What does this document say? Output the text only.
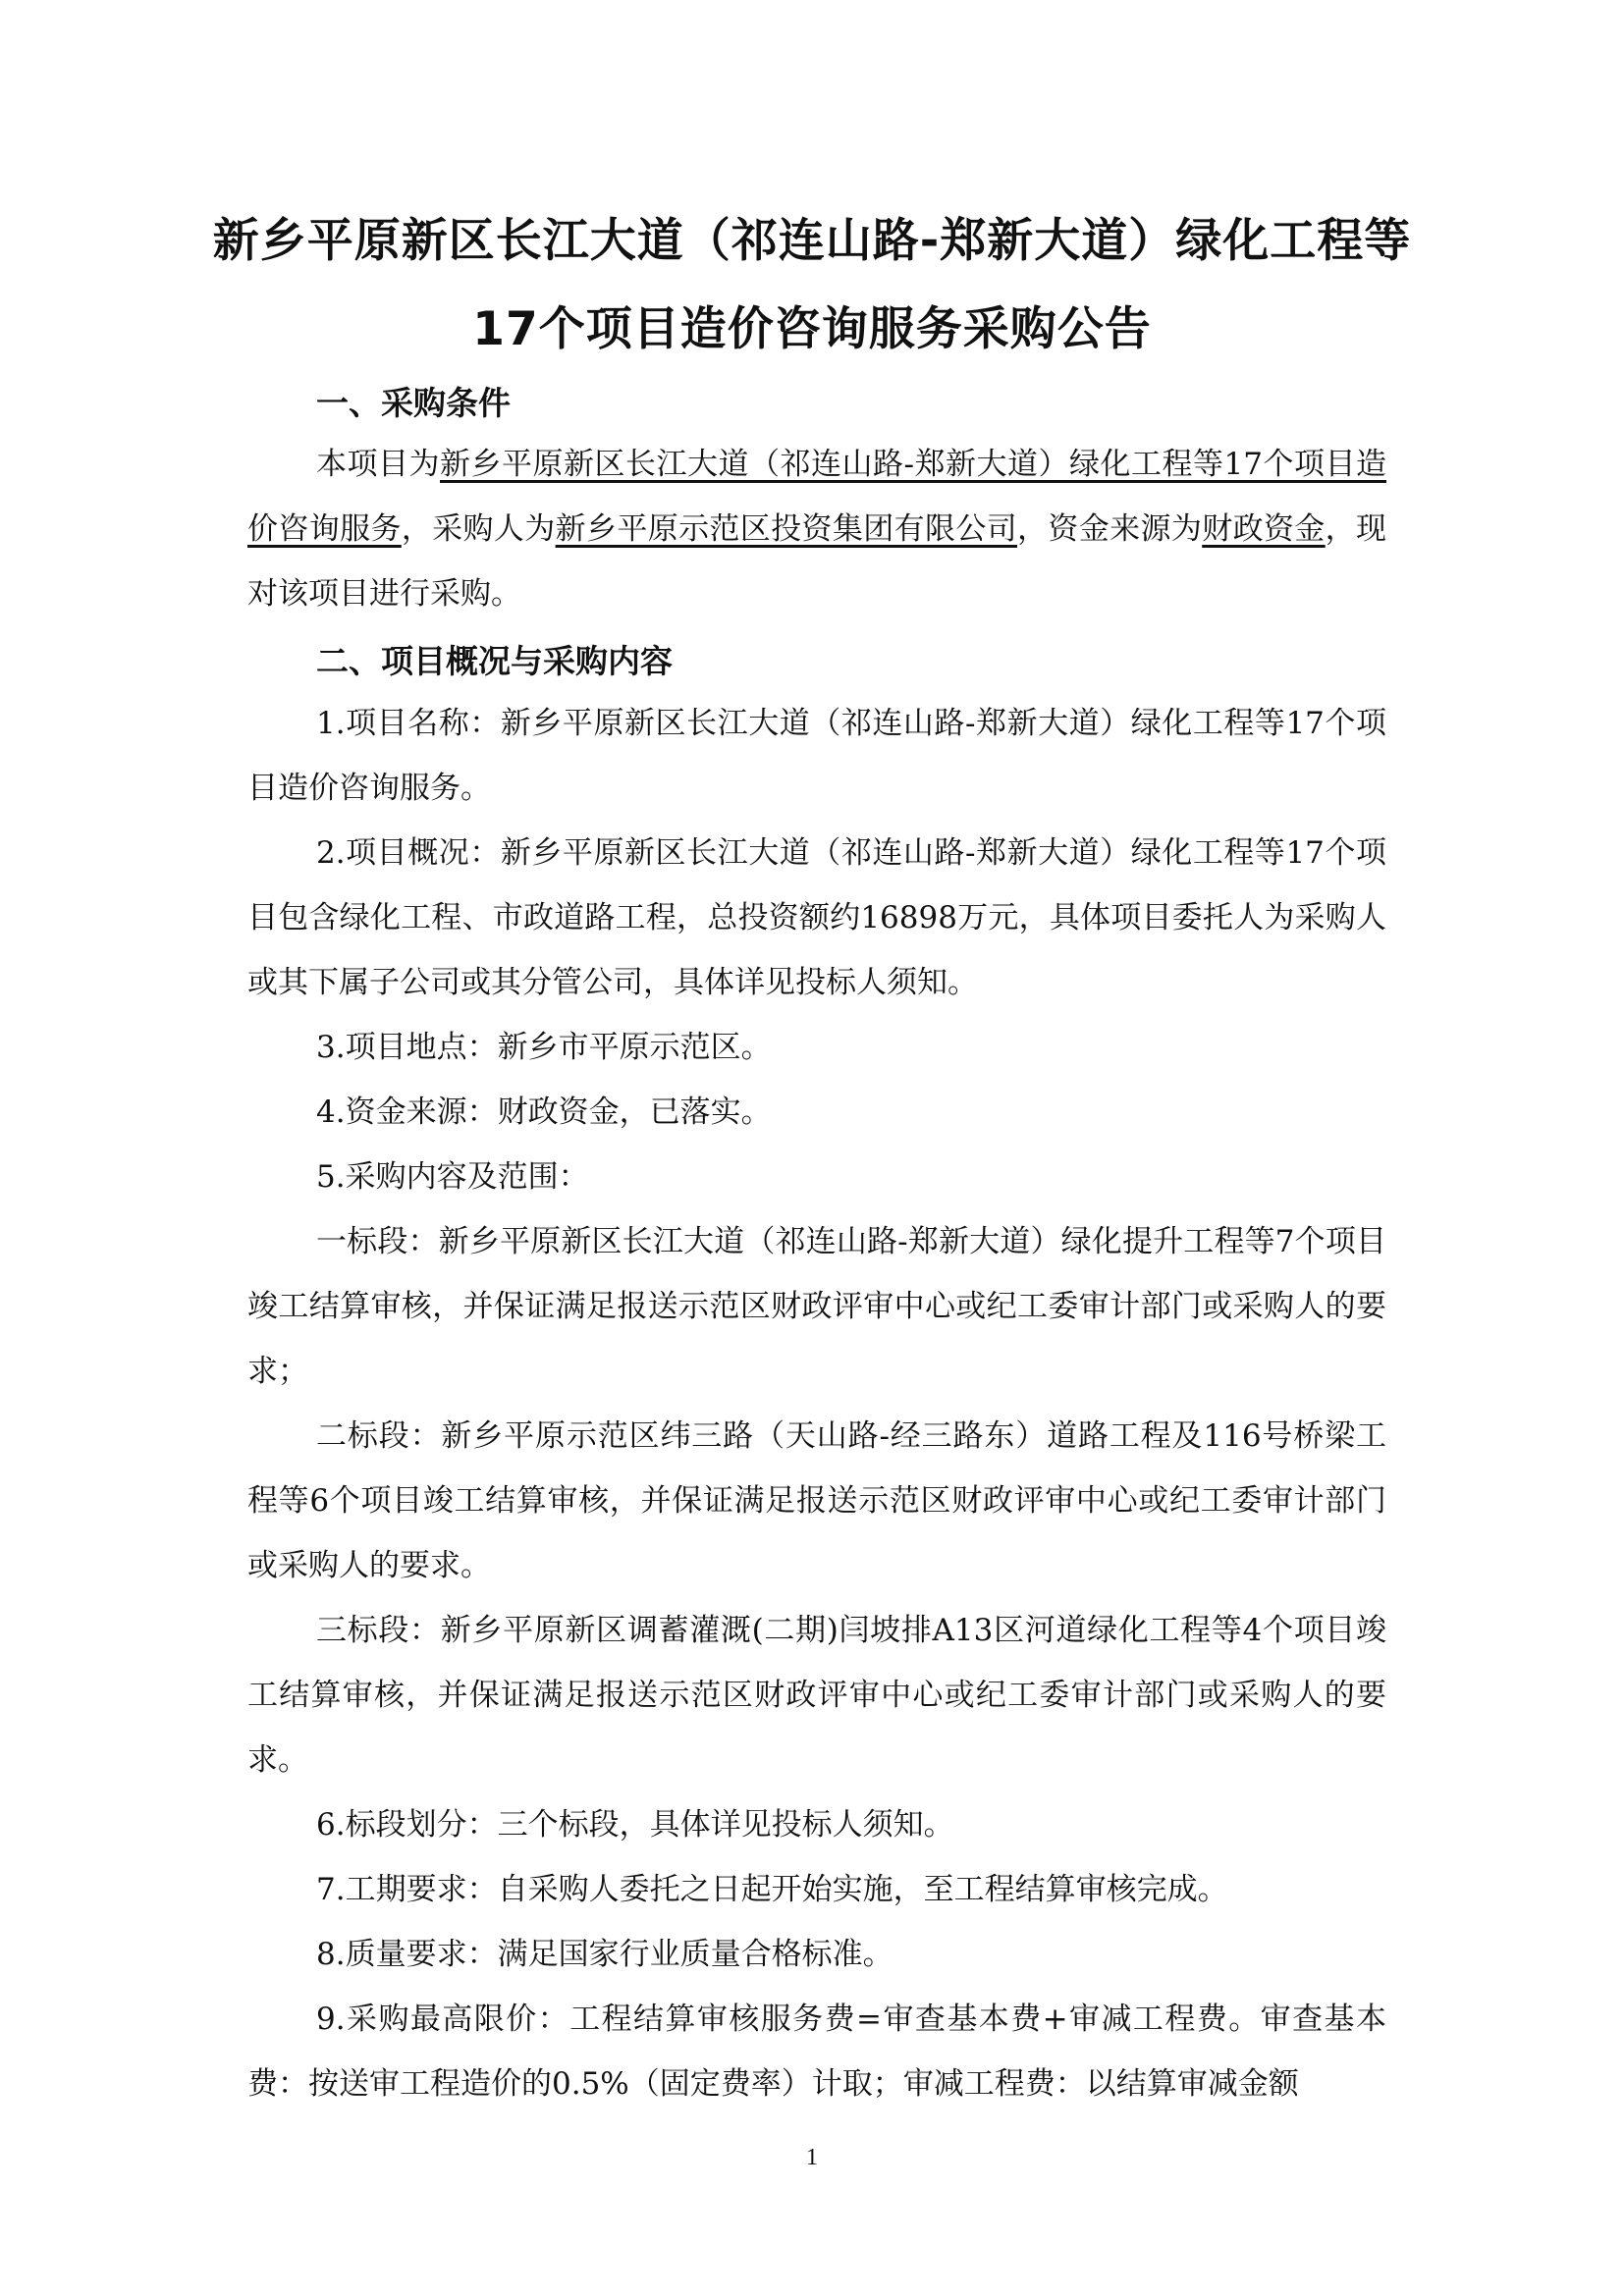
新乡平原新区长江大道（祁连山路-郑新大道）绿化工程等
17个项目造价咨询服务采购公告
一、采购条件

本项目为新乡平原新区长江大道（祁连山路-郑新大道）绿化工程等17个项目造价咨询服务，采购人为新乡平原示范区投资集团有限公司，资金来源为财政资金，现对该项目进行采购。

二、项目概况与采购内容

1.项目名称：新乡平原新区长江大道（祁连山路-郑新大道）绿化工程等17个项目造价咨询服务。

2.项目概况：新乡平原新区长江大道（祁连山路-郑新大道）绿化工程等17个项目包含绿化工程、市政道路工程，总投资额约16898万元，具体项目委托人为采购人或其下属子公司或其分管公司，具体详见投标人须知。

3.项目地点：新乡市平原示范区。

4.资金来源：财政资金，已落实。

5.采购内容及范围：

一标段：新乡平原新区长江大道（祁连山路-郑新大道）绿化提升工程等7个项目竣工结算审核，并保证满足报送示范区财政评审中心或纪工委审计部门或采购人的要求；

二标段：新乡平原示范区纬三路（天山路-经三路东）道路工程及116号桥梁工程等6个项目竣工结算审核，并保证满足报送示范区财政评审中心或纪工委审计部门或采购人的要求。

三标段：新乡平原新区调蓄灌溉(二期)闫坡排A13区河道绿化工程等4个项目竣工结算审核，并保证满足报送示范区财政评审中心或纪工委审计部门或采购人的要求。

6.标段划分：三个标段，具体详见投标人须知。

7.工期要求：自采购人委托之日起开始实施，至工程结算审核完成。

8.质量要求：满足国家行业质量合格标准。

9.采购最高限价：工程结算审核服务费=审查基本费+审减工程费。审查基本费：按送审工程造价的0.5%（固定费率）计取；审减工程费：以结算审减金额

1
